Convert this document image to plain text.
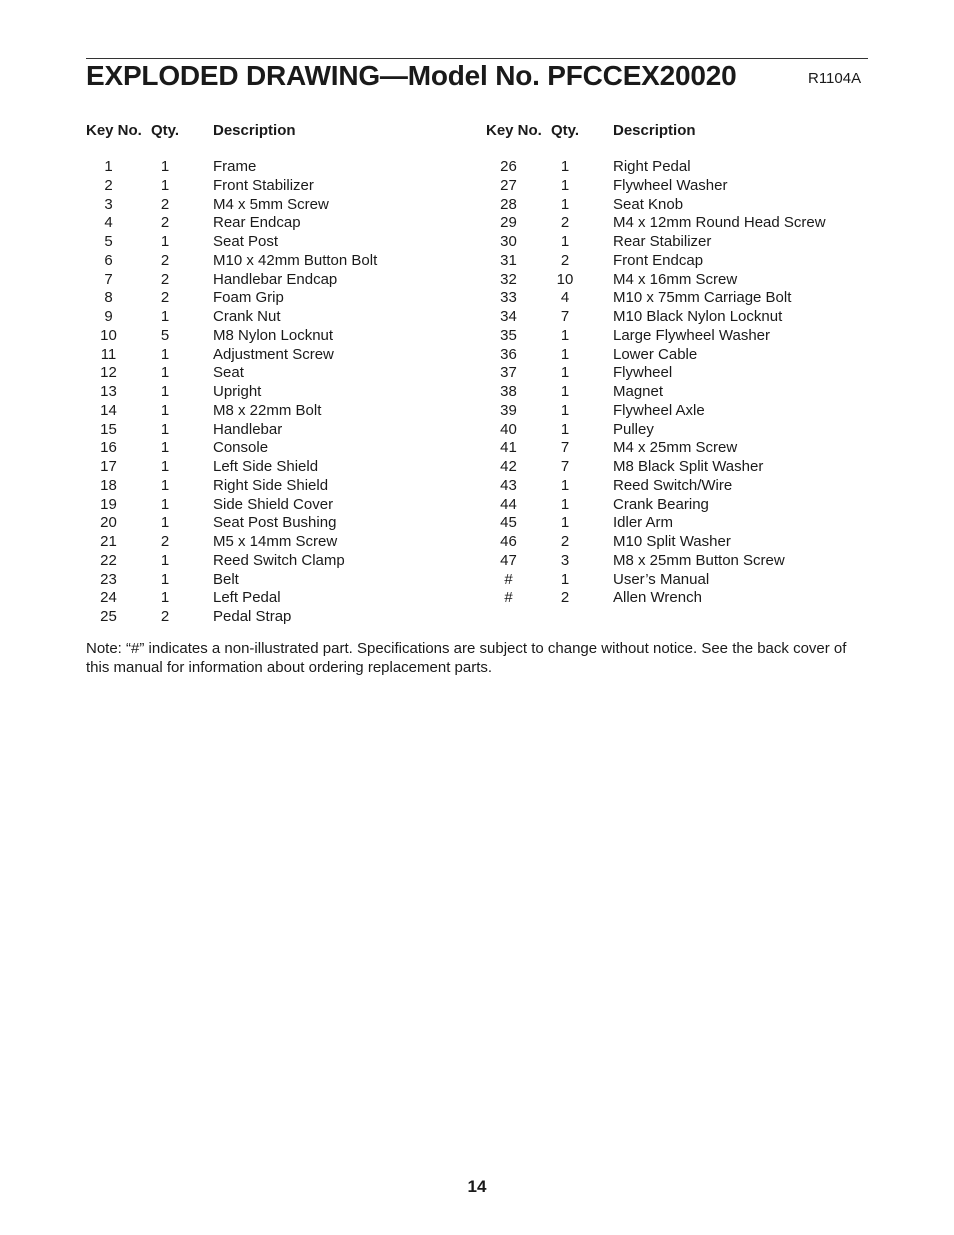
EXPLODED DRAWING—Model No. PFCCEX20020	R1104A
Key No. Qty. Description
1	1	Frame
2	1	Front Stabilizer
3	2	M4 x 5mm Screw
4	2	Rear Endcap
5	1	Seat Post
6	2	M10 x 42mm Button Bolt
7	2	Handlebar Endcap
8	2	Foam Grip
9	1	Crank Nut
10	5	M8 Nylon Locknut
11	1	Adjustment Screw
12	1	Seat
13	1	Upright
14	1	M8 x 22mm Bolt
15	1	Handlebar
16	1	Console
17	1	Left Side Shield
18	1	Right Side Shield
19	1	Side Shield Cover
20	1	Seat Post Bushing
21	2	M5 x 14mm Screw
22	1	Reed Switch Clamp
23	1	Belt
24	1	Left Pedal
25	2	Pedal Strap
Key No. Qty. Description
26	1	Right Pedal
27	1	Flywheel Washer
28	1	Seat Knob
29	2	M4 x 12mm Round Head Screw
30	1	Rear Stabilizer
31	2	Front Endcap
32	10	M4 x 16mm Screw
33	4	M10 x 75mm Carriage Bolt
34	7	M10 Black Nylon Locknut
35	1	Large Flywheel Washer
36	1	Lower Cable
37	1	Flywheel
38	1	Magnet
39	1	Flywheel Axle
40	1	Pulley
41	7	M4 x 25mm Screw
42	7	M8 Black Split Washer
43	1	Reed Switch/Wire
44	1	Crank Bearing
45	1	Idler Arm
46	2	M10 Split Washer
47	3	M8 x 25mm Button Screw
#	1	User’s Manual
#	2	Allen Wrench
Note: “#” indicates a non-illustrated part. Specifications are subject to change without notice. See the back cover of this manual for information about ordering replacement parts.
14
